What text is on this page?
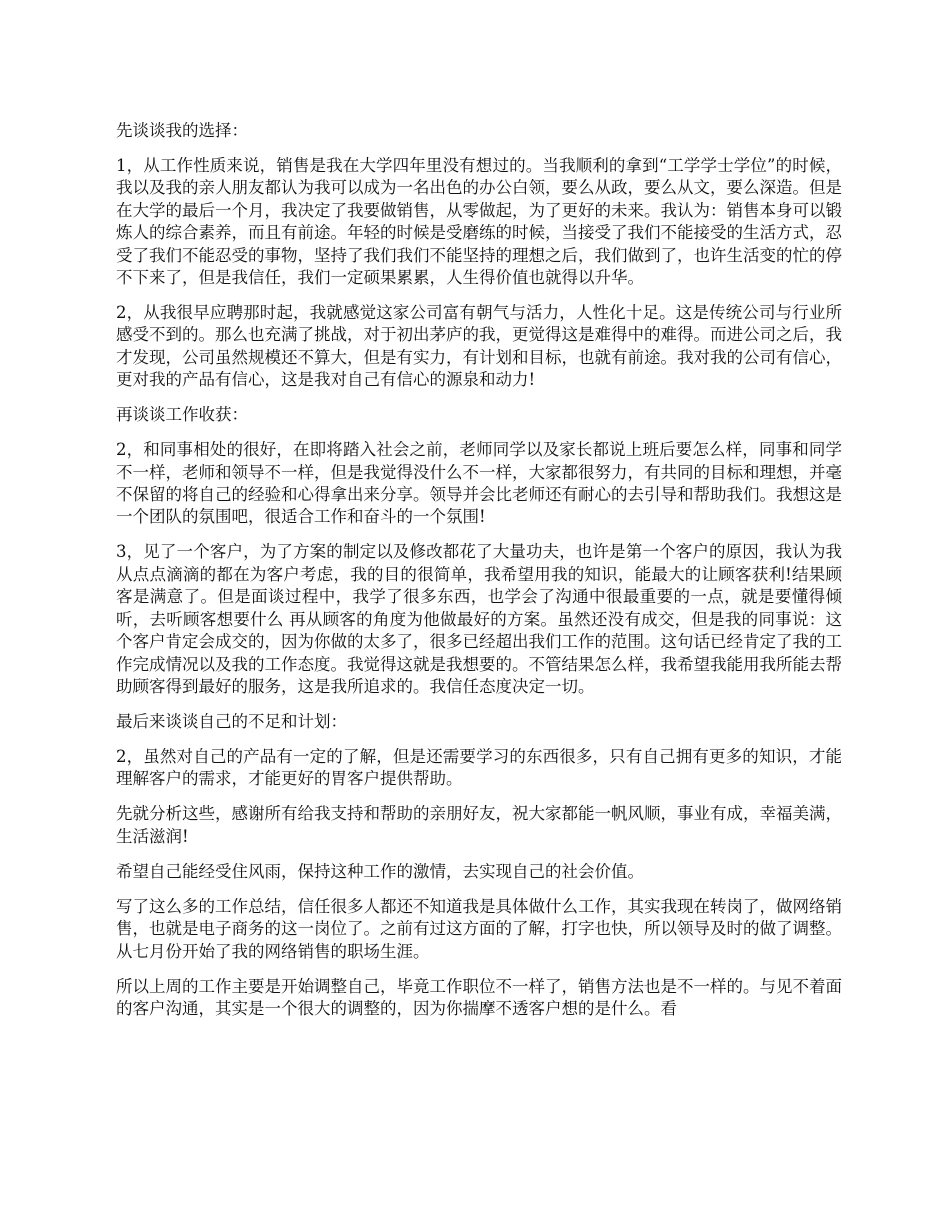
先谈谈我的选择：

1，从工作性质来说，销售是我在大学四年里没有想过的。当我顺利的拿到“工学学士学位”的时候，我以及我的亲人朋友都认为我可以成为一名出色的办公白领，要么从政，要么从文，要么深造。但是在大学的最后一个月，我决定了我要做销售，从零做起，为了更好的未来。我认为：销售本身可以锻炼人的综合素养，而且有前途。年轻的时候是受磨练的时候，当接受了我们不能接受的生活方式，忍受了我们不能忍受的事物，坚持了我们我们不能坚持的理想之后，我们做到了，也许生活变的忙的停不下来了，但是我信任，我们一定硕果累累，人生得价值也就得以升华。

2，从我很早应聘那时起，我就感觉这家公司富有朝气与活力，人性化十足。这是传统公司与行业所感受不到的。那么也充满了挑战，对于初出茅庐的我，更觉得这是难得中的难得。而进公司之后，我才发现，公司虽然规模还不算大，但是有实力，有计划和目标，也就有前途。我对我的公司有信心，更对我的产品有信心，这是我对自己有信心的源泉和动力!

再谈谈工作收获：

2，和同事相处的很好，在即将踏入社会之前，老师同学以及家长都说上班后要怎么样，同事和同学不一样，老师和领导不一样，但是我觉得没什么不一样，大家都很努力，有共同的目标和理想，并毫不保留的将自己的经验和心得拿出来分享。领导并会比老师还有耐心的去引导和帮助我们。我想这是一个团队的氛围吧，很适合工作和奋斗的一个氛围!

3，见了一个客户，为了方案的制定以及修改都花了大量功夫，也许是第一个客户的原因，我认为我从点点滴滴的都在为客户考虑，我的目的很简单，我希望用我的知识，能最大的让顾客获利!结果顾客是满意了。但是面谈过程中，我学了很多东西，也学会了沟通中很最重要的一点，就是要懂得倾听，去听顾客想要什么 再从顾客的角度为他做最好的方案。虽然还没有成交，但是我的同事说：这个客户肯定会成交的，因为你做的太多了，很多已经超出我们工作的范围。这句话已经肯定了我的工作完成情况以及我的工作态度。我觉得这就是我想要的。不管结果怎么样，我希望我能用我所能去帮助顾客得到最好的服务，这是我所追求的。我信任态度决定一切。

最后来谈谈自己的不足和计划：

2，虽然对自己的产品有一定的了解，但是还需要学习的东西很多，只有自己拥有更多的知识，才能理解客户的需求，才能更好的胃客户提供帮助。

先就分析这些，感谢所有给我支持和帮助的亲朋好友，祝大家都能一帆风顺，事业有成，幸福美满，生活滋润!

希望自己能经受住风雨，保持这种工作的激情，去实现自己的社会价值。

写了这么多的工作总结，信任很多人都还不知道我是具体做什么工作，其实我现在转岗了，做网络销售，也就是电子商务的这一岗位了。之前有过这方面的了解，打字也快，所以领导及时的做了调整。从七月份开始了我的网络销售的职场生涯。

所以上周的工作主要是开始调整自己，毕竟工作职位不一样了，销售方法也是不一样的。与见不着面的客户沟通，其实是一个很大的调整的，因为你揣摩不透客户想的是什么。看
